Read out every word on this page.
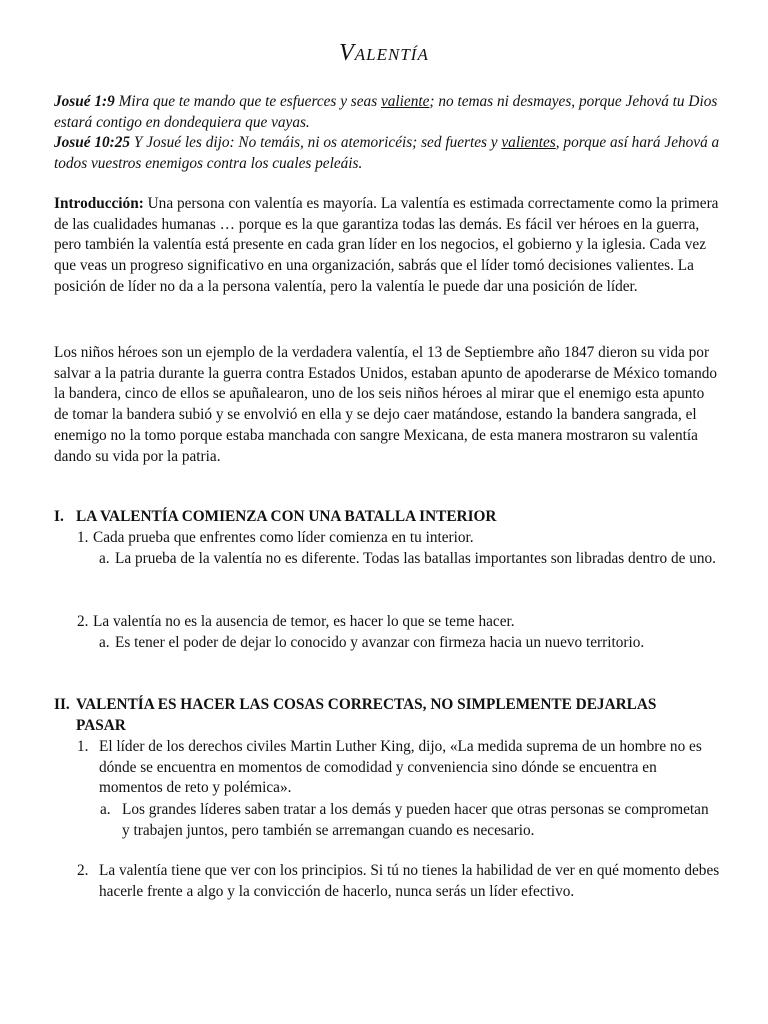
Valentía
Josué 1:9 Mira que te mando que te esfuerces y seas valiente; no temas ni desmayes, porque Jehová tu Dios estará contigo en dondequiera que vayas.
Josué 10:25 Y Josué les dijo: No temáis, ni os atemoricéis; sed fuertes y valientes, porque así hará Jehová a todos vuestros enemigos contra los cuales peleáis.
Introducción: Una persona con valentía es mayoría. La valentía es estimada correctamente como la primera de las cualidades humanas … porque es la que garantiza todas las demás. Es fácil ver héroes en la guerra, pero también la valentía está presente en cada gran líder en los negocios, el gobierno y la iglesia. Cada vez que veas un progreso significativo en una organización, sabrás que el líder tomó decisiones valientes. La posición de líder no da a la persona valentía, pero la valentía le puede dar una posición de líder.
Los niños héroes son un ejemplo de la verdadera valentía, el 13 de Septiembre año 1847 dieron su vida por salvar a la patria durante la guerra contra Estados Unidos, estaban apunto de apoderarse de México tomando la bandera, cinco de ellos se apuñalearon, uno de los seis niños héroes al mirar que el enemigo esta apunto de tomar la bandera subió y se envolvió en ella y se dejo caer matándose, estando la bandera sangrada, el enemigo no la tomo porque estaba manchada con sangre Mexicana, de esta manera mostraron su valentía dando su vida por la patria.
I. LA VALENTÍA COMIENZA CON UNA BATALLA INTERIOR
1. Cada prueba que enfrentes como líder comienza en tu interior.
a. La prueba de la valentía no es diferente. Todas las batallas importantes son libradas dentro de uno.
2. La valentía no es la ausencia de temor, es hacer lo que se teme hacer.
a. Es tener el poder de dejar lo conocido y avanzar con firmeza hacia un nuevo territorio.
II. VALENTÍA ES HACER LAS COSAS CORRECTAS, NO SIMPLEMENTE DEJARLAS PASAR
1. El líder de los derechos civiles Martin Luther King, dijo, «La medida suprema de un hombre no es dónde se encuentra en momentos de comodidad y conveniencia sino dónde se encuentra en momentos de reto y polémica».
a. Los grandes líderes saben tratar a los demás y pueden hacer que otras personas se comprometan y trabajen juntos, pero también se arremangan cuando es necesario.
2. La valentía tiene que ver con los principios. Si tú no tienes la habilidad de ver en qué momento debes hacerle frente a algo y la convicción de hacerlo, nunca serás un líder efectivo.
